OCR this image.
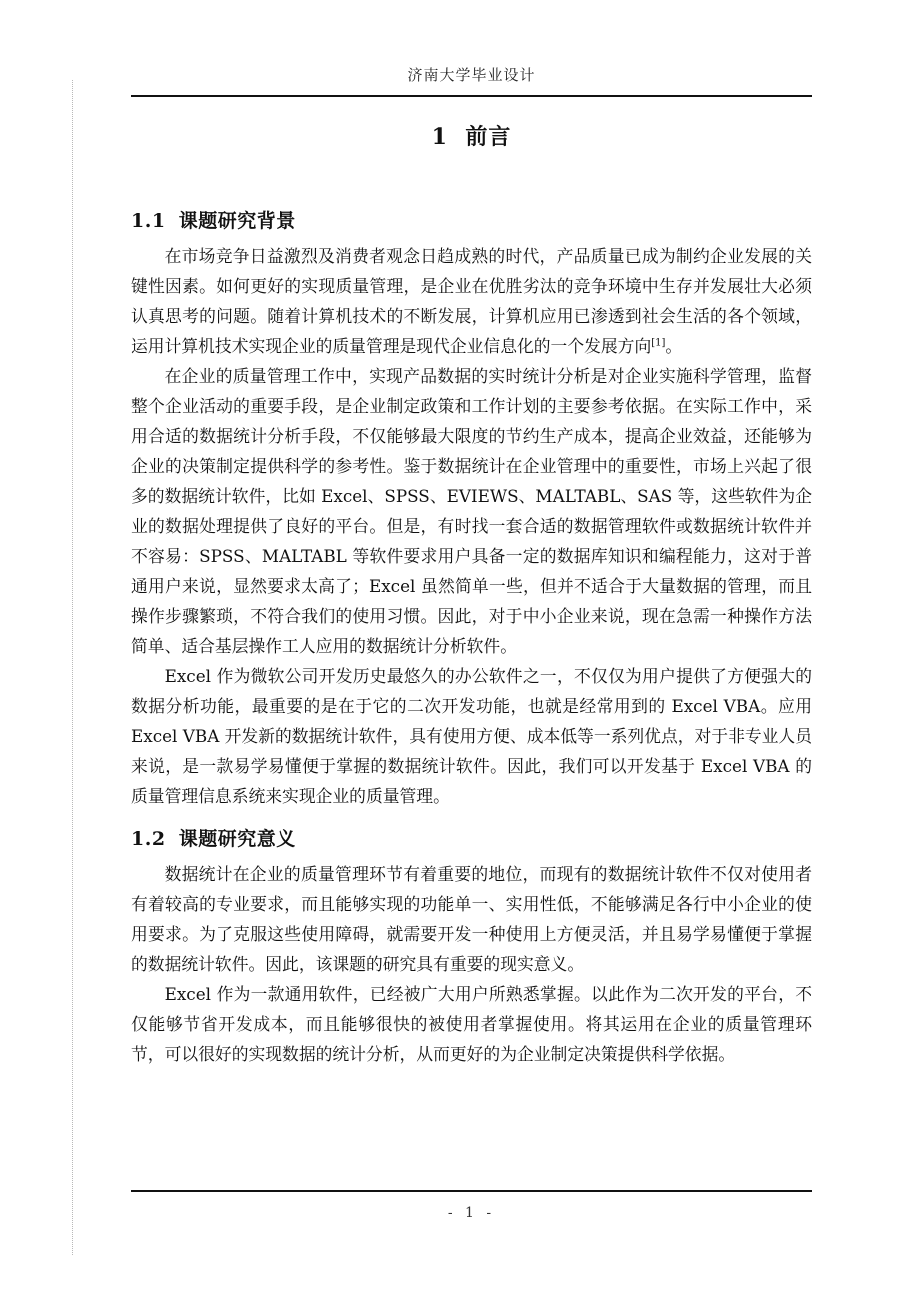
济南大学毕业设计
1 前言
1.1 课题研究背景

在市场竞争日益激烈及消费者观念日趋成熟的时代，产品质量已成为制约企业发展的关键性因素。如何更好的实现质量管理，是企业在优胜劣汰的竞争环境中生存并发展壮大必须认真思考的问题。随着计算机技术的不断发展，计算机应用已渗透到社会生活的各个领域，运用计算机技术实现企业的质量管理是现代企业信息化的一个发展方向[1]。

在企业的质量管理工作中，实现产品数据的实时统计分析是对企业实施科学管理，监督整个企业活动的重要手段，是企业制定政策和工作计划的主要参考依据。在实际工作中，采用合适的数据统计分析手段，不仅能够最大限度的节约生产成本，提高企业效益，还能够为企业的决策制定提供科学的参考性。鉴于数据统计在企业管理中的重要性，市场上兴起了很多的数据统计软件，比如 Excel、SPSS、EVIEWS、MALTABL、SAS 等，这些软件为企业的数据处理提供了良好的平台。但是，有时找一套合适的数据管理软件或数据统计软件并不容易：SPSS、MALTABL 等软件要求用户具备一定的数据库知识和编程能力，这对于普通用户来说，显然要求太高了；Excel 虽然简单一些，但并不适合于大量数据的管理，而且操作步骤繁琐，不符合我们的使用习惯。因此，对于中小企业来说，现在急需一种操作方法简单、适合基层操作工人应用的数据统计分析软件。

Excel 作为微软公司开发历史最悠久的办公软件之一，不仅仅为用户提供了方便强大的数据分析功能，最重要的是在于它的二次开发功能，也就是经常用到的 Excel VBA。应用 Excel VBA 开发新的数据统计软件，具有使用方便、成本低等一系列优点，对于非专业人员来说，是一款易学易懂便于掌握的数据统计软件。因此，我们可以开发基于 Excel VBA 的质量管理信息系统来实现企业的质量管理。

1.2 课题研究意义

数据统计在企业的质量管理环节有着重要的地位，而现有的数据统计软件不仅对使用者有着较高的专业要求，而且能够实现的功能单一、实用性低，不能够满足各行中小企业的使用要求。为了克服这些使用障碍，就需要开发一种使用上方便灵活，并且易学易懂便于掌握的数据统计软件。因此，该课题的研究具有重要的现实意义。

Excel 作为一款通用软件，已经被广大用户所熟悉掌握。以此作为二次开发的平台，不仅能够节省开发成本，而且能够很快的被使用者掌握使用。将其运用在企业的质量管理环节，可以很好的实现数据的统计分析，从而更好的为企业制定决策提供科学依据。

- 1 -
